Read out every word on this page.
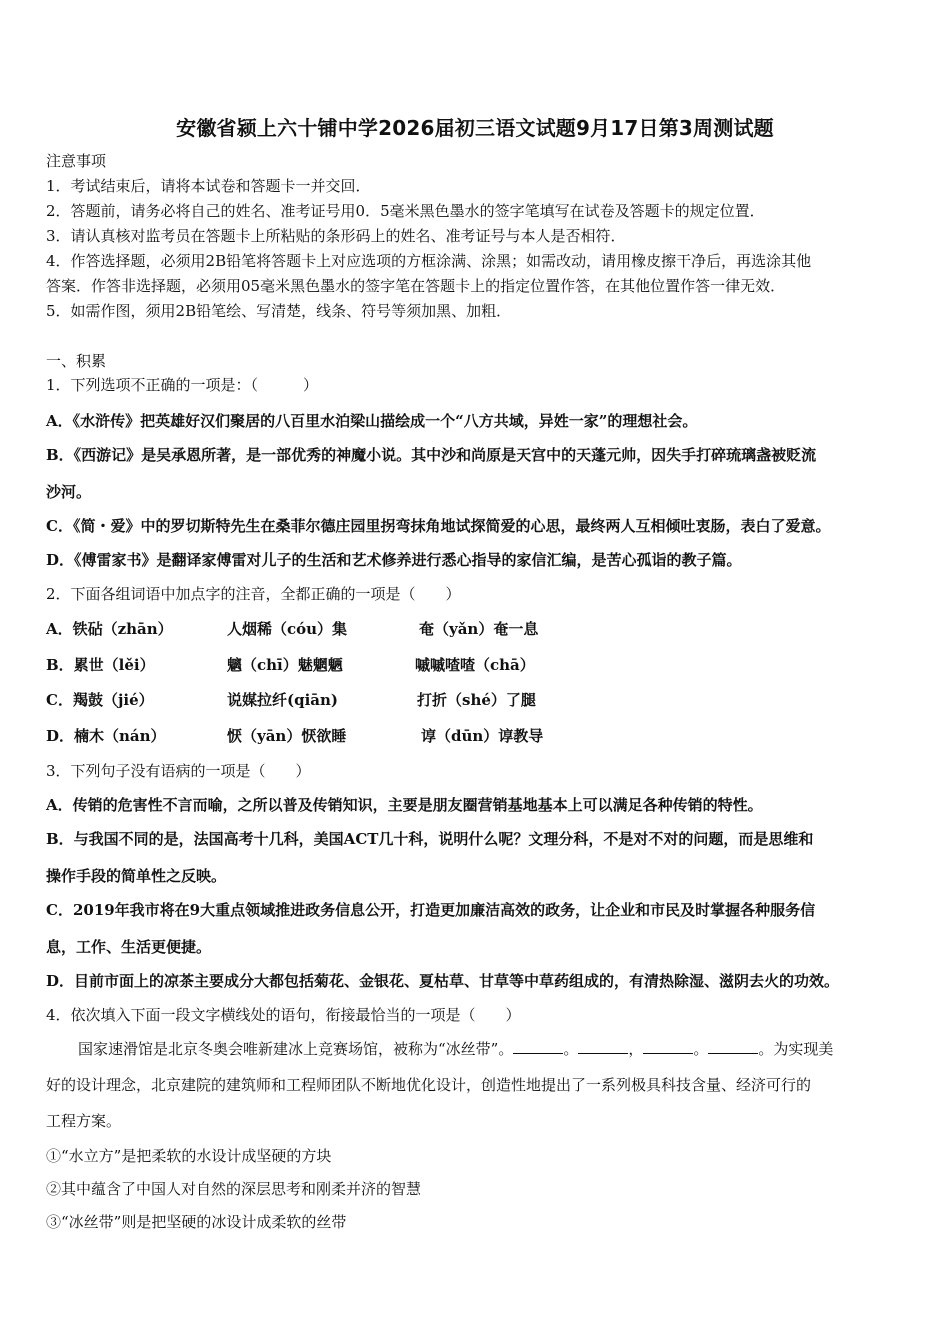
安徽省颍上六十铺中学2026届初三语文试题9月17日第3周测试题
注意事项
1．考试结束后，请将本试卷和答题卡一并交回．
2．答题前，请务必将自己的姓名、准考证号用0．5毫米黑色墨水的签字笔填写在试卷及答题卡的规定位置．
3．请认真核对监考员在答题卡上所粘贴的条形码上的姓名、准考证号与本人是否相符．
4．作答选择题，必须用2B铅笔将答题卡上对应选项的方框涂满、涂黑；如需改动，请用橡皮擦干净后，再选涂其他
答案．作答非选择题，必须用05毫米黑色墨水的签字笔在答题卡上的指定位置作答，在其他位置作答一律无效．
5．如需作图，须用2B铅笔绘、写清楚，线条、符号等须加黑、加粗．
一、积累
1．下列选项不正确的一项是：（　　　）
A．《水浒传》把英雄好汉们聚居的八百里水泊梁山描绘成一个“八方共域，异姓一家”的理想社会。
B．《西游记》是吴承恩所著，是一部优秀的神魔小说。其中沙和尚原是天宫中的天蓬元帅，因失手打碎琉璃盏被贬流
沙河。
C．《简・爱》中的罗切斯特先生在桑菲尔德庄园里拐弯抹角地试探简爱的心思，最终两人互相倾吐衷肠，表白了爱意。
D．《傅雷家书》是翻译家傅雷对儿子的生活和艺术修养进行悉心指导的家信汇编，是苦心孤诣的教子篇。
2．下面各组词语中加点字的注音，全都正确的一项是（　　）
A．铁砧（zhān）	人烟稀（cóu）集	奄（yǎn）奄一息
B．累世（lěi）	魑（chī）魅魍魉	嘁嘁喳喳（chā）
C．羯鼓（jié）	说媒拉纤(qiān)	打折（shé）了腿
D．楠木（nán）	恹（yān）恹欲睡	谆（dūn）谆教导
3．下列句子没有语病的一项是（　　）
A．传销的危害性不言而喻，之所以普及传销知识，主要是朋友圈营销基地基本上可以满足各种传销的特性。
B．与我国不同的是，法国高考十几科，美国ACT几十科，说明什么呢？文理分科，不是对不对的问题，而是思维和
操作手段的简单性之反映。
C．2019年我市将在9大重点领域推进政务信息公开，打造更加廉洁高效的政务，让企业和市民及时掌握各种服务信
息，工作、生活更便捷。
D．目前市面上的凉茶主要成分大都包括菊花、金银花、夏枯草、甘草等中草药组成的，有清热除湿、滋阴去火的功效。
4．依次填入下面一段文字横线处的语句，衔接最恰当的一项是（　　）
国家速滑馆是北京冬奥会唯新建冰上竞赛场馆，被称为“冰丝带”。	。	，	。	。为实现美
好的设计理念，北京建院的建筑师和工程师团队不断地优化设计，创造性地提出了一系列极具科技含量、经济可行的
工程方案。
①“水立方”是把柔软的水设计成坚硬的方块
②其中蕴含了中国人对自然的深层思考和刚柔并济的智慧
③“冰丝带”则是把坚硬的冰设计成柔软的丝带
